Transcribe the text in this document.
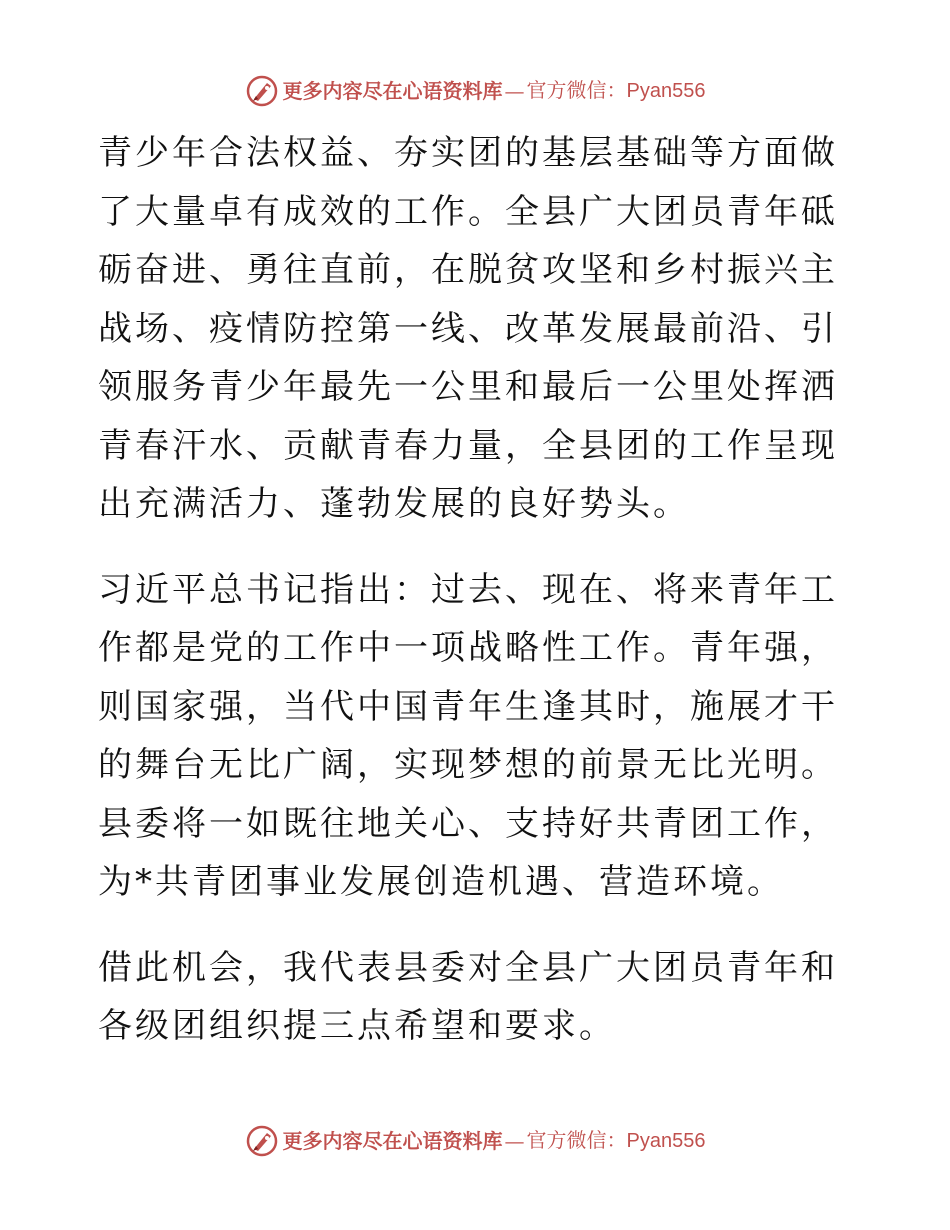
更多内容尽在心语资料库 — 官方微信：Pyan556

青少年合法权益、夯实团的基层基础等方面做了大量卓有成效的工作。全县广大团员青年砥砺奋进、勇往直前，在脱贫攻坚和乡村振兴主战场、疫情防控第一线、改革发展最前沿、引领服务青少年最先一公里和最后一公里处挥洒青春汗水、贡献青春力量，全县团的工作呈现出充满活力、蓬勃发展的良好势头。

习近平总书记指出：过去、现在、将来青年工作都是党的工作中一项战略性工作。青年强，则国家强，当代中国青年生逢其时，施展才干的舞台无比广阔，实现梦想的前景无比光明。县委将一如既往地关心、支持好共青团工作，为*共青团事业发展创造机遇、营造环境。

借此机会，我代表县委对全县广大团员青年和各级团组织提三点希望和要求。

更多内容尽在心语资料库 — 官方微信：Pyan556
